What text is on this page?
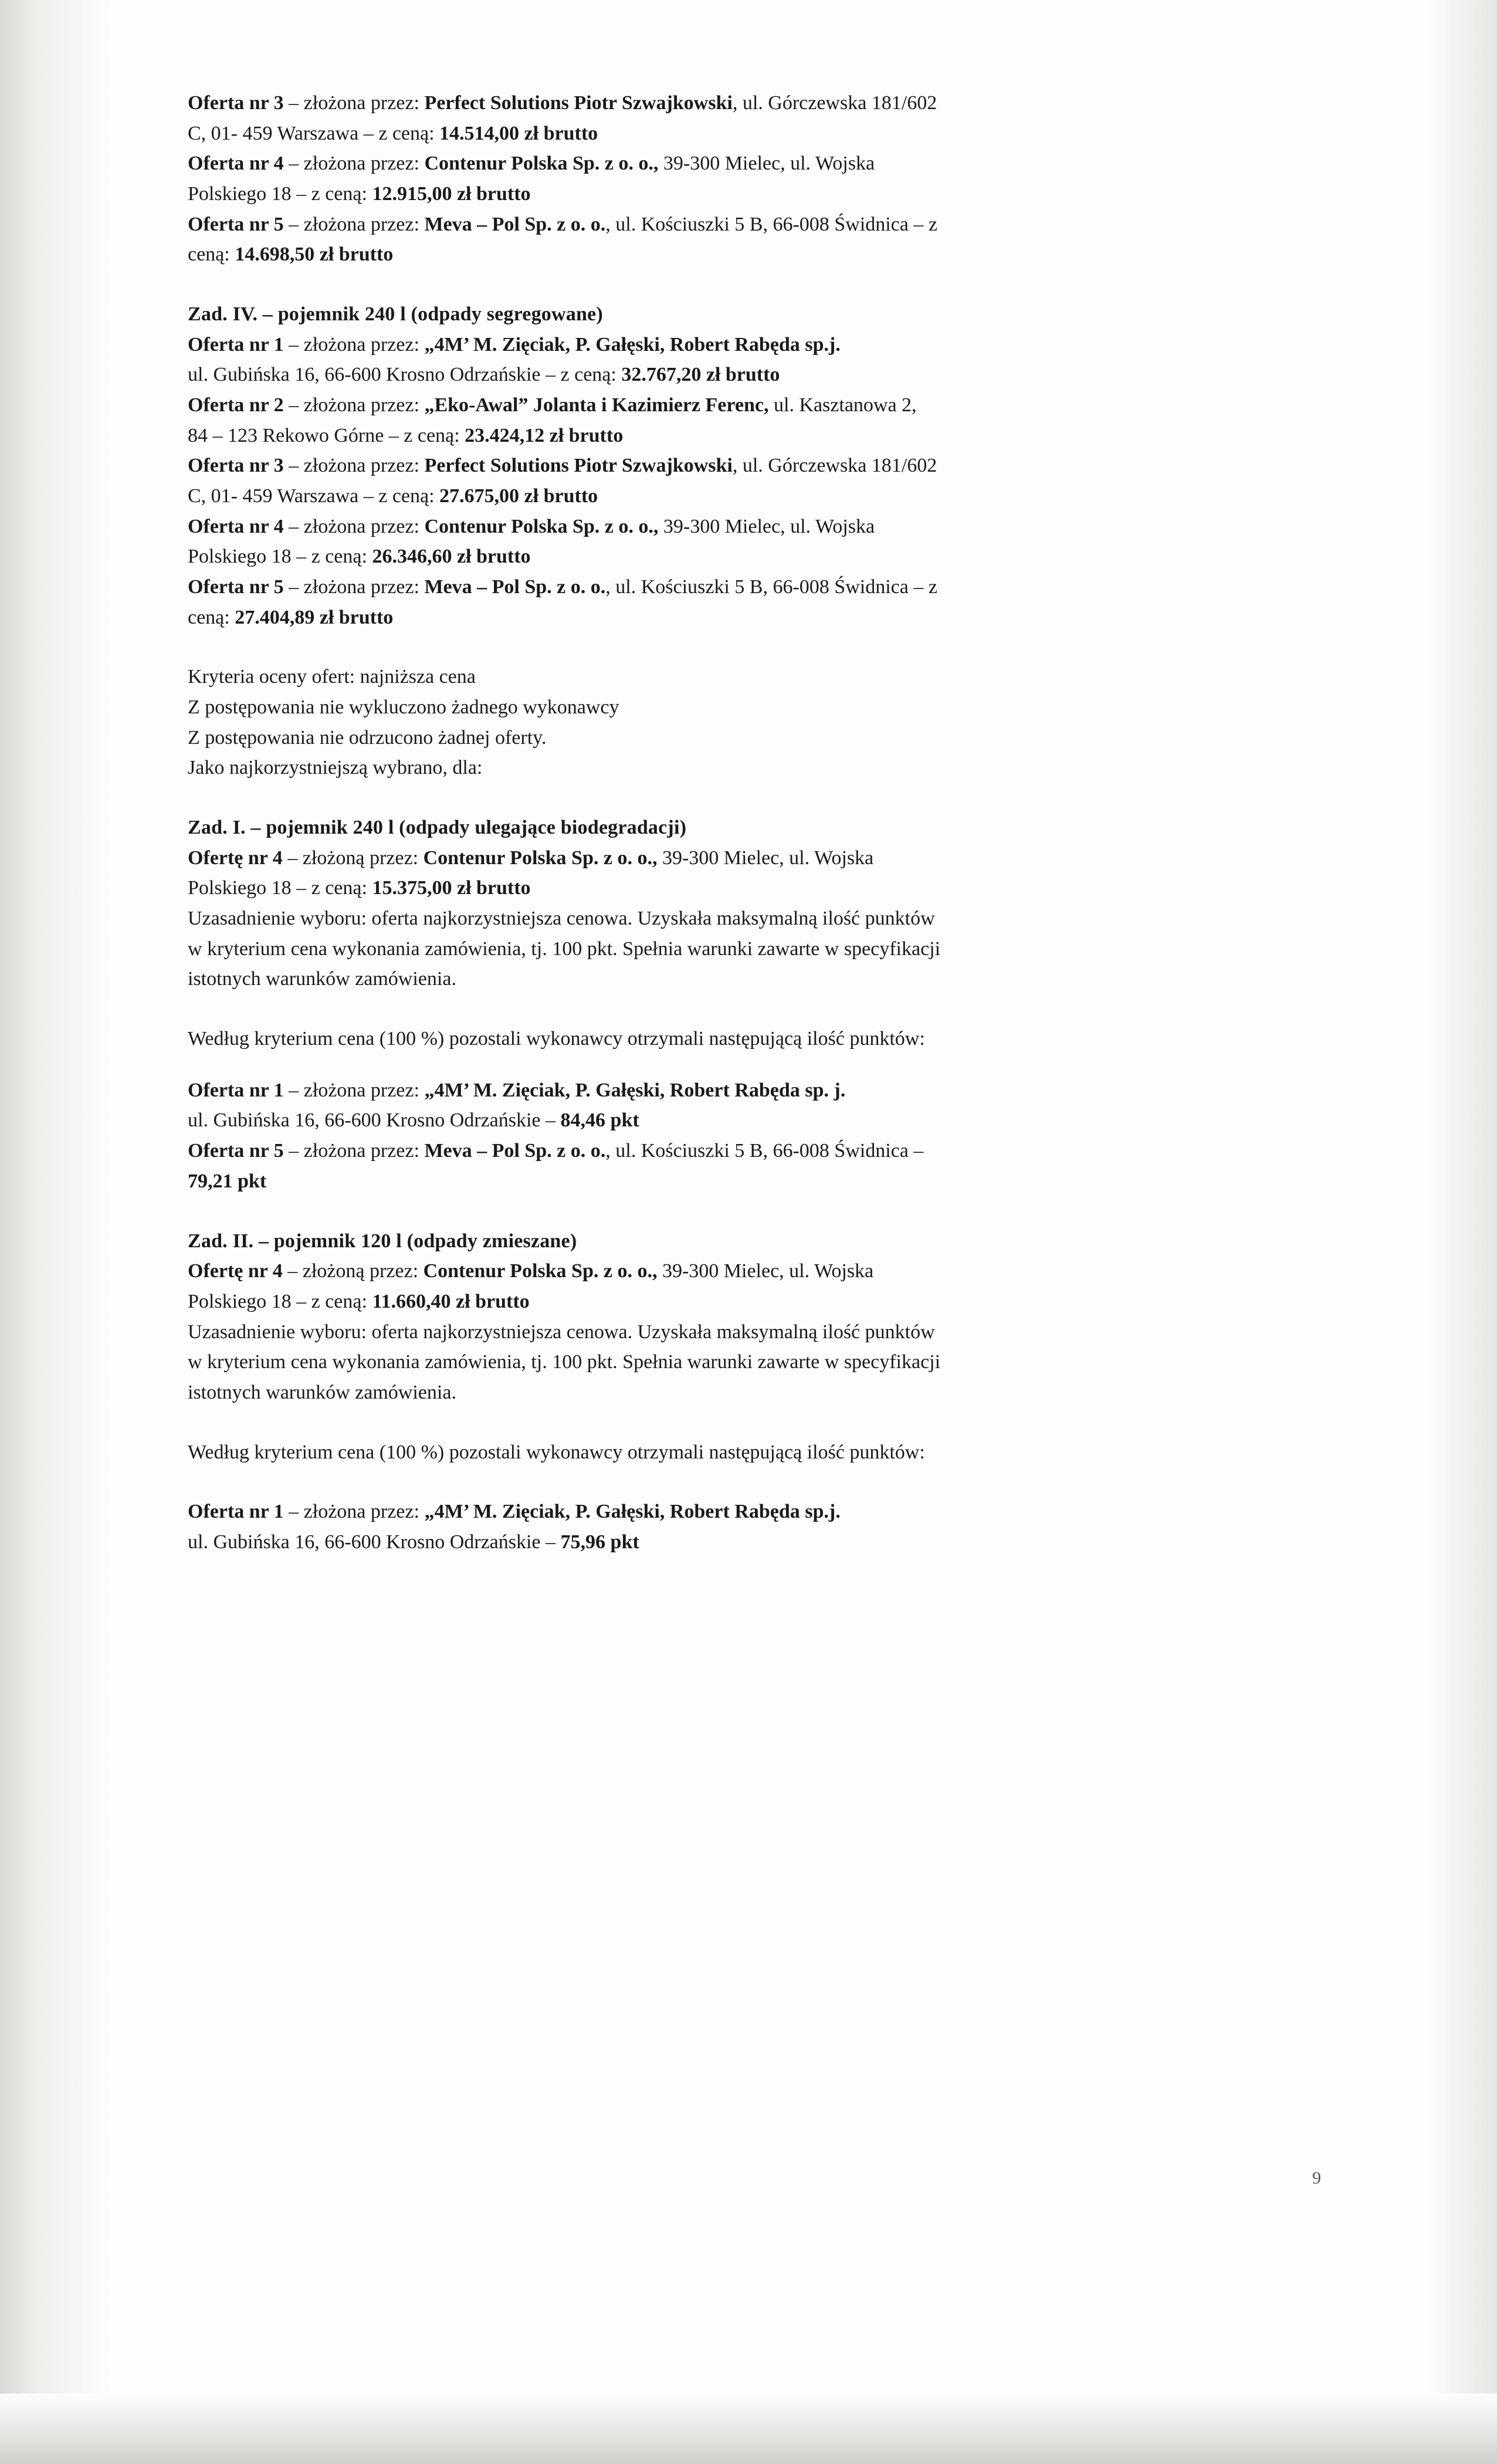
Oferta nr 3 – złożona przez: Perfect Solutions Piotr Szwajkowski, ul. Górczewska 181/602

C, 01- 459 Warszawa – z ceną: 14.514,00 zł brutto

Oferta nr 4 – złożona przez: Contenur Polska Sp. z o. o., 39-300 Mielec, ul. Wojska

Polskiego 18 – z ceną: 12.915,00 zł brutto

Oferta nr 5 – złożona przez: Meva – Pol Sp. z o. o., ul. Kościuszki 5 B, 66-008 Świdnica – z

ceną: 14.698,50 zł brutto

Zad. IV. – pojemnik 240 l (odpady segregowane)

Oferta nr 1 – złożona przez: „4M’ M. Zięciak, P. Gałęski, Robert Rabęda sp.j.

ul. Gubińska 16, 66-600 Krosno Odrzańskie – z ceną: 32.767,20 zł brutto

Oferta nr 2 – złożona przez: „Eko-Awal” Jolanta i Kazimierz Ferenc, ul. Kasztanowa 2,

84 – 123 Rekowo Górne – z ceną: 23.424,12 zł brutto

Oferta nr 3 – złożona przez: Perfect Solutions Piotr Szwajkowski, ul. Górczewska 181/602

C, 01- 459 Warszawa – z ceną: 27.675,00 zł brutto

Oferta nr 4 – złożona przez: Contenur Polska Sp. z o. o., 39-300 Mielec, ul. Wojska

Polskiego 18 – z ceną: 26.346,60 zł brutto

Oferta nr 5 – złożona przez: Meva – Pol Sp. z o. o., ul. Kościuszki 5 B, 66-008 Świdnica – z

ceną: 27.404,89 zł brutto

Kryteria oceny ofert: najniższa cena

Z postępowania nie wykluczono żadnego wykonawcy

Z postępowania nie odrzucono żadnej oferty.

Jako najkorzystniejszą wybrano, dla:

Zad. I. – pojemnik 240 l (odpady ulegające biodegradacji)

Ofertę nr 4 – złożoną przez: Contenur Polska Sp. z o. o., 39-300 Mielec, ul. Wojska

Polskiego 18 – z ceną: 15.375,00 zł brutto

Uzasadnienie wyboru: oferta najkorzystniejsza cenowa. Uzyskała maksymalną ilość punktów

w kryterium cena wykonania zamówienia, tj. 100 pkt. Spełnia warunki zawarte w specyfikacji

istotnych warunków zamówienia.

Według kryterium cena (100 %) pozostali wykonawcy otrzymali następującą ilość punktów:

Oferta nr 1 – złożona przez: „4M’ M. Zięciak, P. Gałęski, Robert Rabęda sp. j.

ul. Gubińska 16, 66-600 Krosno Odrzańskie – 84,46 pkt

Oferta nr 5 – złożona przez: Meva – Pol Sp. z o. o., ul. Kościuszki 5 B, 66-008 Świdnica –

79,21 pkt

Zad. II. – pojemnik 120 l (odpady zmieszane)

Ofertę nr 4 – złożoną przez: Contenur Polska Sp. z o. o., 39-300 Mielec, ul. Wojska

Polskiego 18 – z ceną: 11.660,40 zł brutto

Uzasadnienie wyboru: oferta najkorzystniejsza cenowa. Uzyskała maksymalną ilość punktów

w kryterium cena wykonania zamówienia, tj. 100 pkt. Spełnia warunki zawarte w specyfikacji

istotnych warunków zamówienia.

Według kryterium cena (100 %) pozostali wykonawcy otrzymali następującą ilość punktów:

Oferta nr 1 – złożona przez: „4M’ M. Zięciak, P. Gałęski, Robert Rabęda sp.j.

ul. Gubińska 16, 66-600 Krosno Odrzańskie – 75,96 pkt

9
